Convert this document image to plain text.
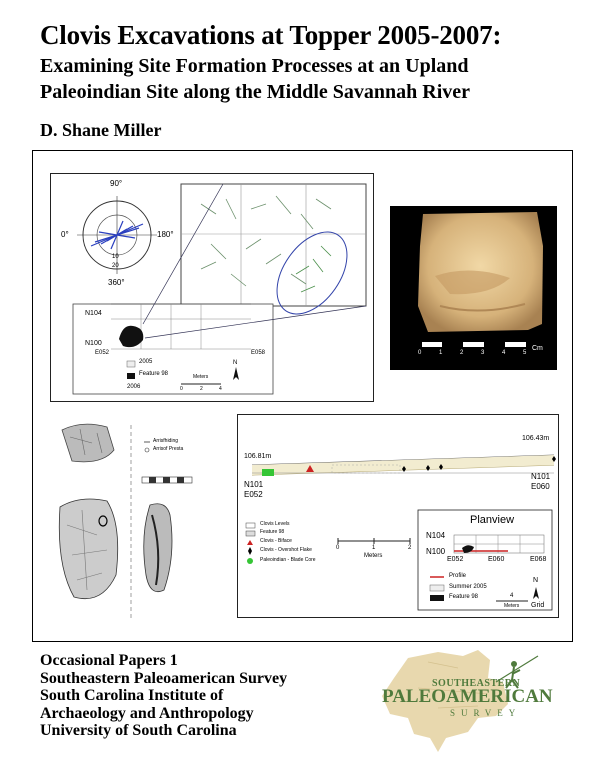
Clovis Excavations at Topper 2005-2007:
Examining Site Formation Processes at an Upland
Paleoindian Site along the Middle Savannah River
D. Shane Miller
90°
0°	180°
360°
10
20
N104
N100
E052	E058
2005
Feature 98
2006
Meters
0	2	4
N
0	1	2	3	4	5
Cm
Arrisfhiding
Arrisof Presta
106.81m
106.43m
N101
E052
N101
E060
Clovis Levels
Feature 98
Clovis - Biface
Clovis - Overshot Flake
Paleoindian - Blade Core
0	1	2
Meters
Planview
N104
N100
E052	E060	E068
Profile
Summer 2005
Feature 98
N
4
Meters Grid
Occasional Papers 1
Southeastern Paleoamerican Survey
South Carolina Institute of
Archaeology and Anthropology
University of South Carolina
SOUTHEASTERN
PALEOAMERICAN
SURVEY
